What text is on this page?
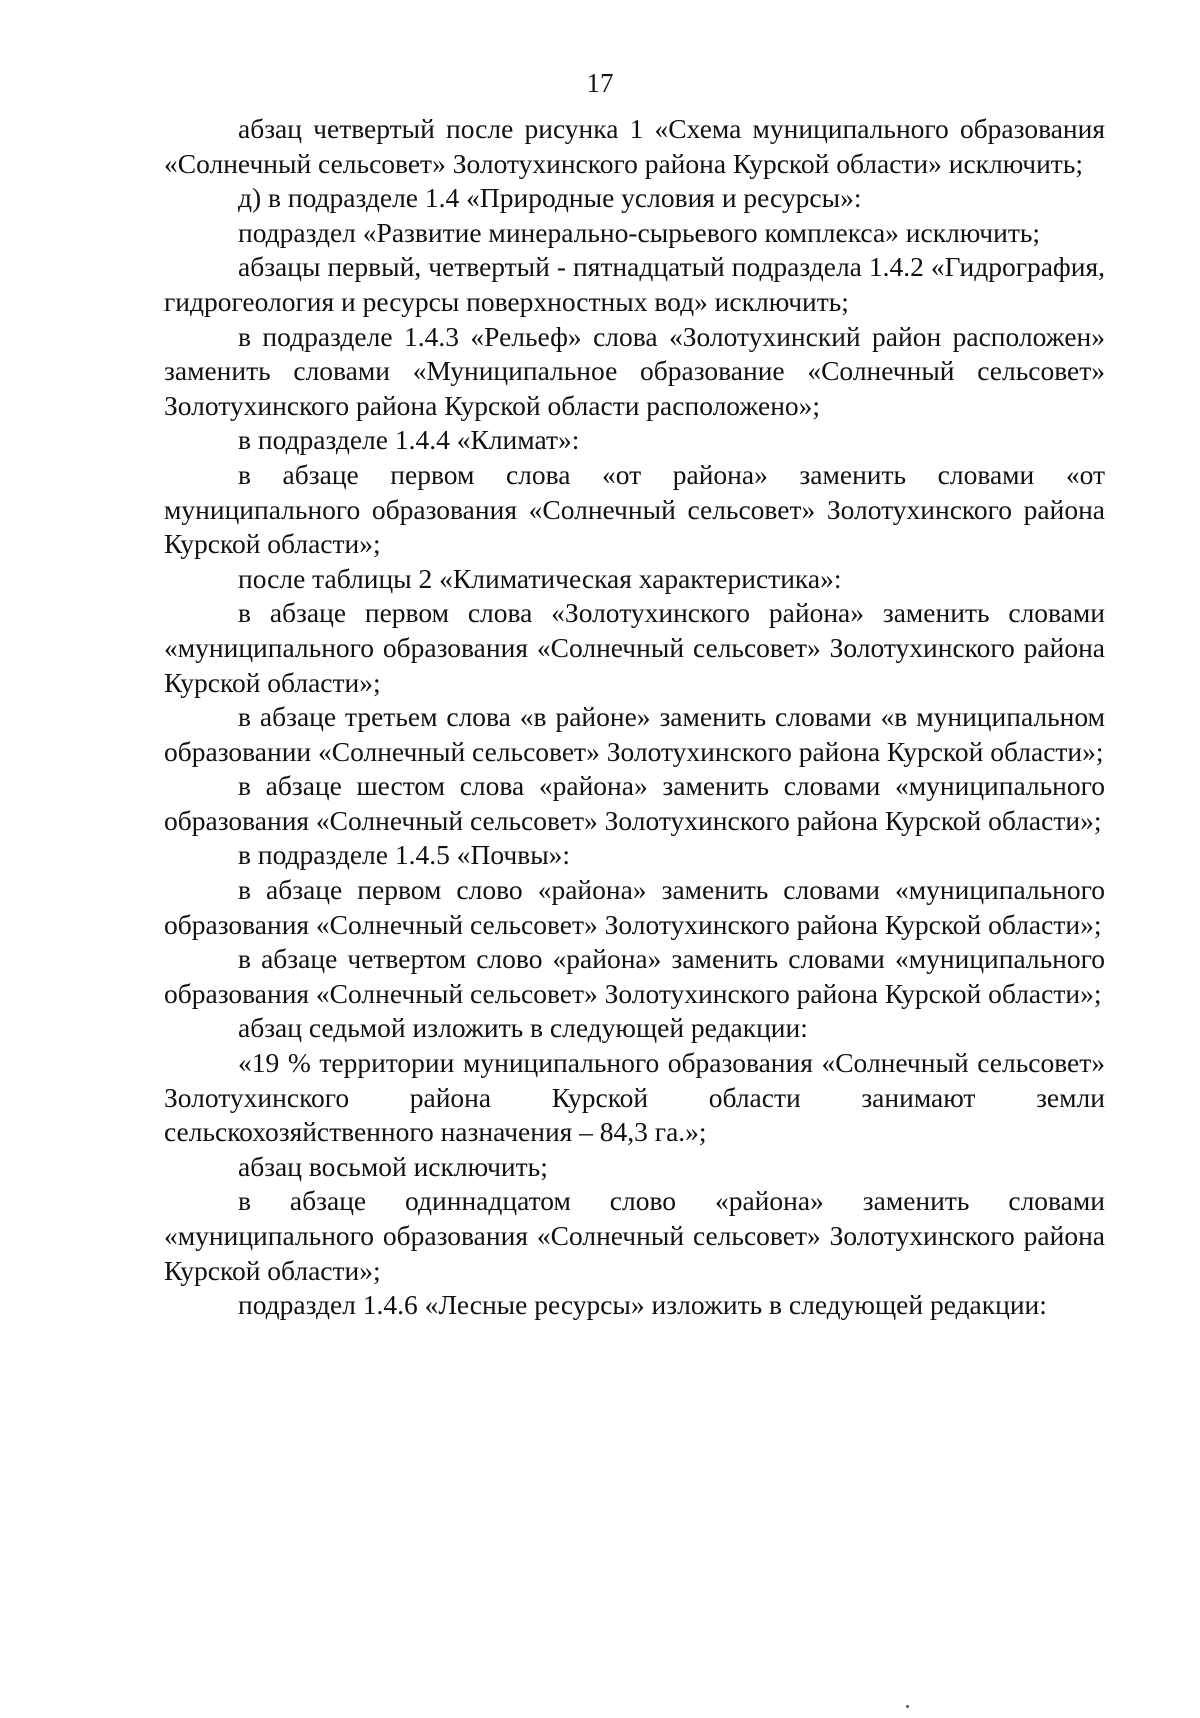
17

абзац четвертый после рисунка 1 «Схема муниципального образования «Солнечный сельсовет» Золотухинского района Курской области» исключить;

д) в подразделе 1.4 «Природные условия и ресурсы»:

подраздел «Развитие минерально-сырьевого комплекса» исключить;

абзацы первый, четвертый - пятнадцатый подраздела 1.4.2 «Гидрография, гидрогеология и ресурсы поверхностных вод» исключить;

в подразделе 1.4.3 «Рельеф» слова «Золотухинский район расположен» заменить словами «Муниципальное образование «Солнечный сельсовет» Золотухинского района Курской области расположено»;

в подразделе 1.4.4 «Климат»:

в абзаце первом слова «от района» заменить словами «от муниципального образования «Солнечный сельсовет» Золотухинского района Курской области»;

после таблицы 2 «Климатическая характеристика»:

в абзаце первом слова «Золотухинского района» заменить словами «муниципального образования «Солнечный сельсовет» Золотухинского района Курской области»;

в абзаце третьем слова «в районе» заменить словами «в муниципальном образовании «Солнечный сельсовет» Золотухинского района Курской области»;

в абзаце шестом слова «района» заменить словами «муниципального образования «Солнечный сельсовет» Золотухинского района Курской области»;

в подразделе 1.4.5 «Почвы»:

в абзаце первом слово «района» заменить словами «муниципального образования «Солнечный сельсовет» Золотухинского района Курской области»;

в абзаце четвертом слово «района» заменить словами «муниципального образования «Солнечный сельсовет» Золотухинского района Курской области»;

абзац седьмой изложить в следующей редакции:

«19 % территории муниципального образования «Солнечный сельсовет» Золотухинского района Курской области занимают земли сельскохозяйственного назначения – 84,3 га.»;

абзац восьмой исключить;

в абзаце одиннадцатом слово «района» заменить словами «муниципального образования «Солнечный сельсовет» Золотухинского района Курской области»;

подраздел 1.4.6 «Лесные ресурсы» изложить в следующей редакции:
